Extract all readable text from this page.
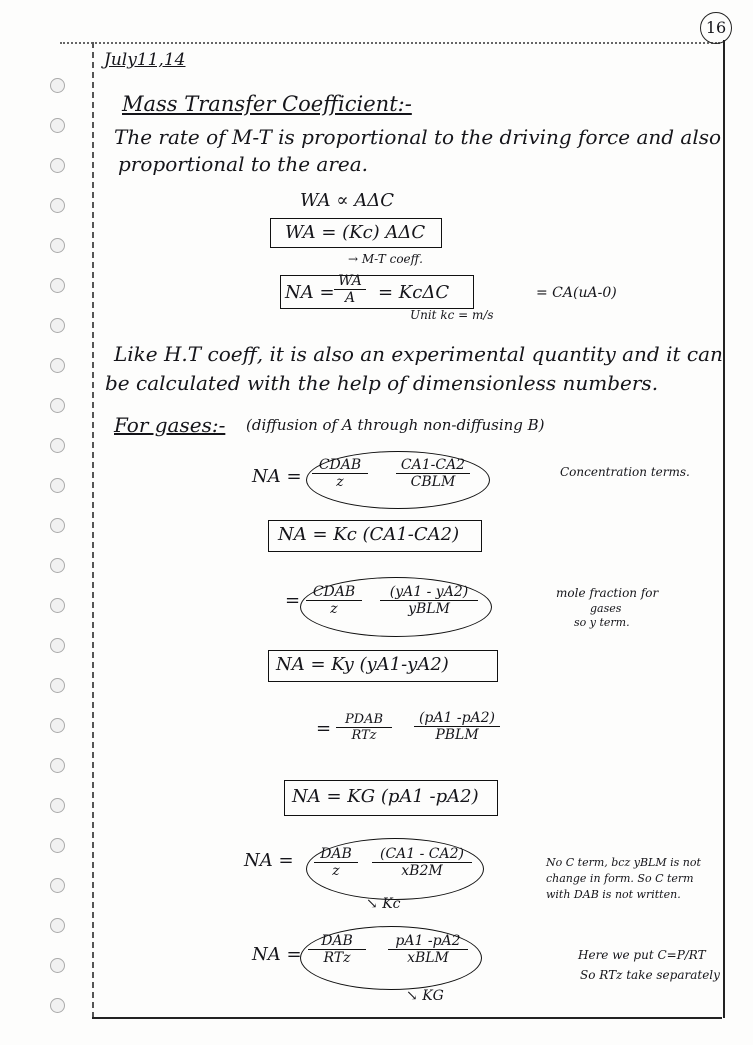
16
July11,14
Mass Transfer Coefficient:-
The rate of M-T is proportional to the driving force and also
proportional to the area.
WA ∝ AΔC
WA = (Kc) AΔC
→ M-T coeff.
NA = $\frac{WA}{A} = Kc\Delta C$	= CA(uA-0)
Unit kc = m/s
Like H.T coeff, it is also an experimental quantity and it can
be calculated with the help of dimensionless numbers.
For gases:- (diffusion of A through non-diffusing B)
NA =
CDAB
z
CA1-CA2
CBLM
Concentration terms.
NA = Kc (CA1-CA2)
= CDAB
z
(yA1 - yA2)
yBLM
mole fraction for
gases
so y term.
NA = Ky (yA1-yA2)
=	PDAB
RTz
(pA1 -pA2)
PBLM
NA = KG (pA1 -pA2)
NA =	DAB
z	$\frac{(CA1 - CA2)}{xB2M}$
↘ Kc
No C term, bcz yBLM is not
change in form. So C term
with DAB is not written.
NA =
DAB
RTz
pA1 -pA2
xBLM
↘ KG
Here we put C=P/RT
So RTz take separately
